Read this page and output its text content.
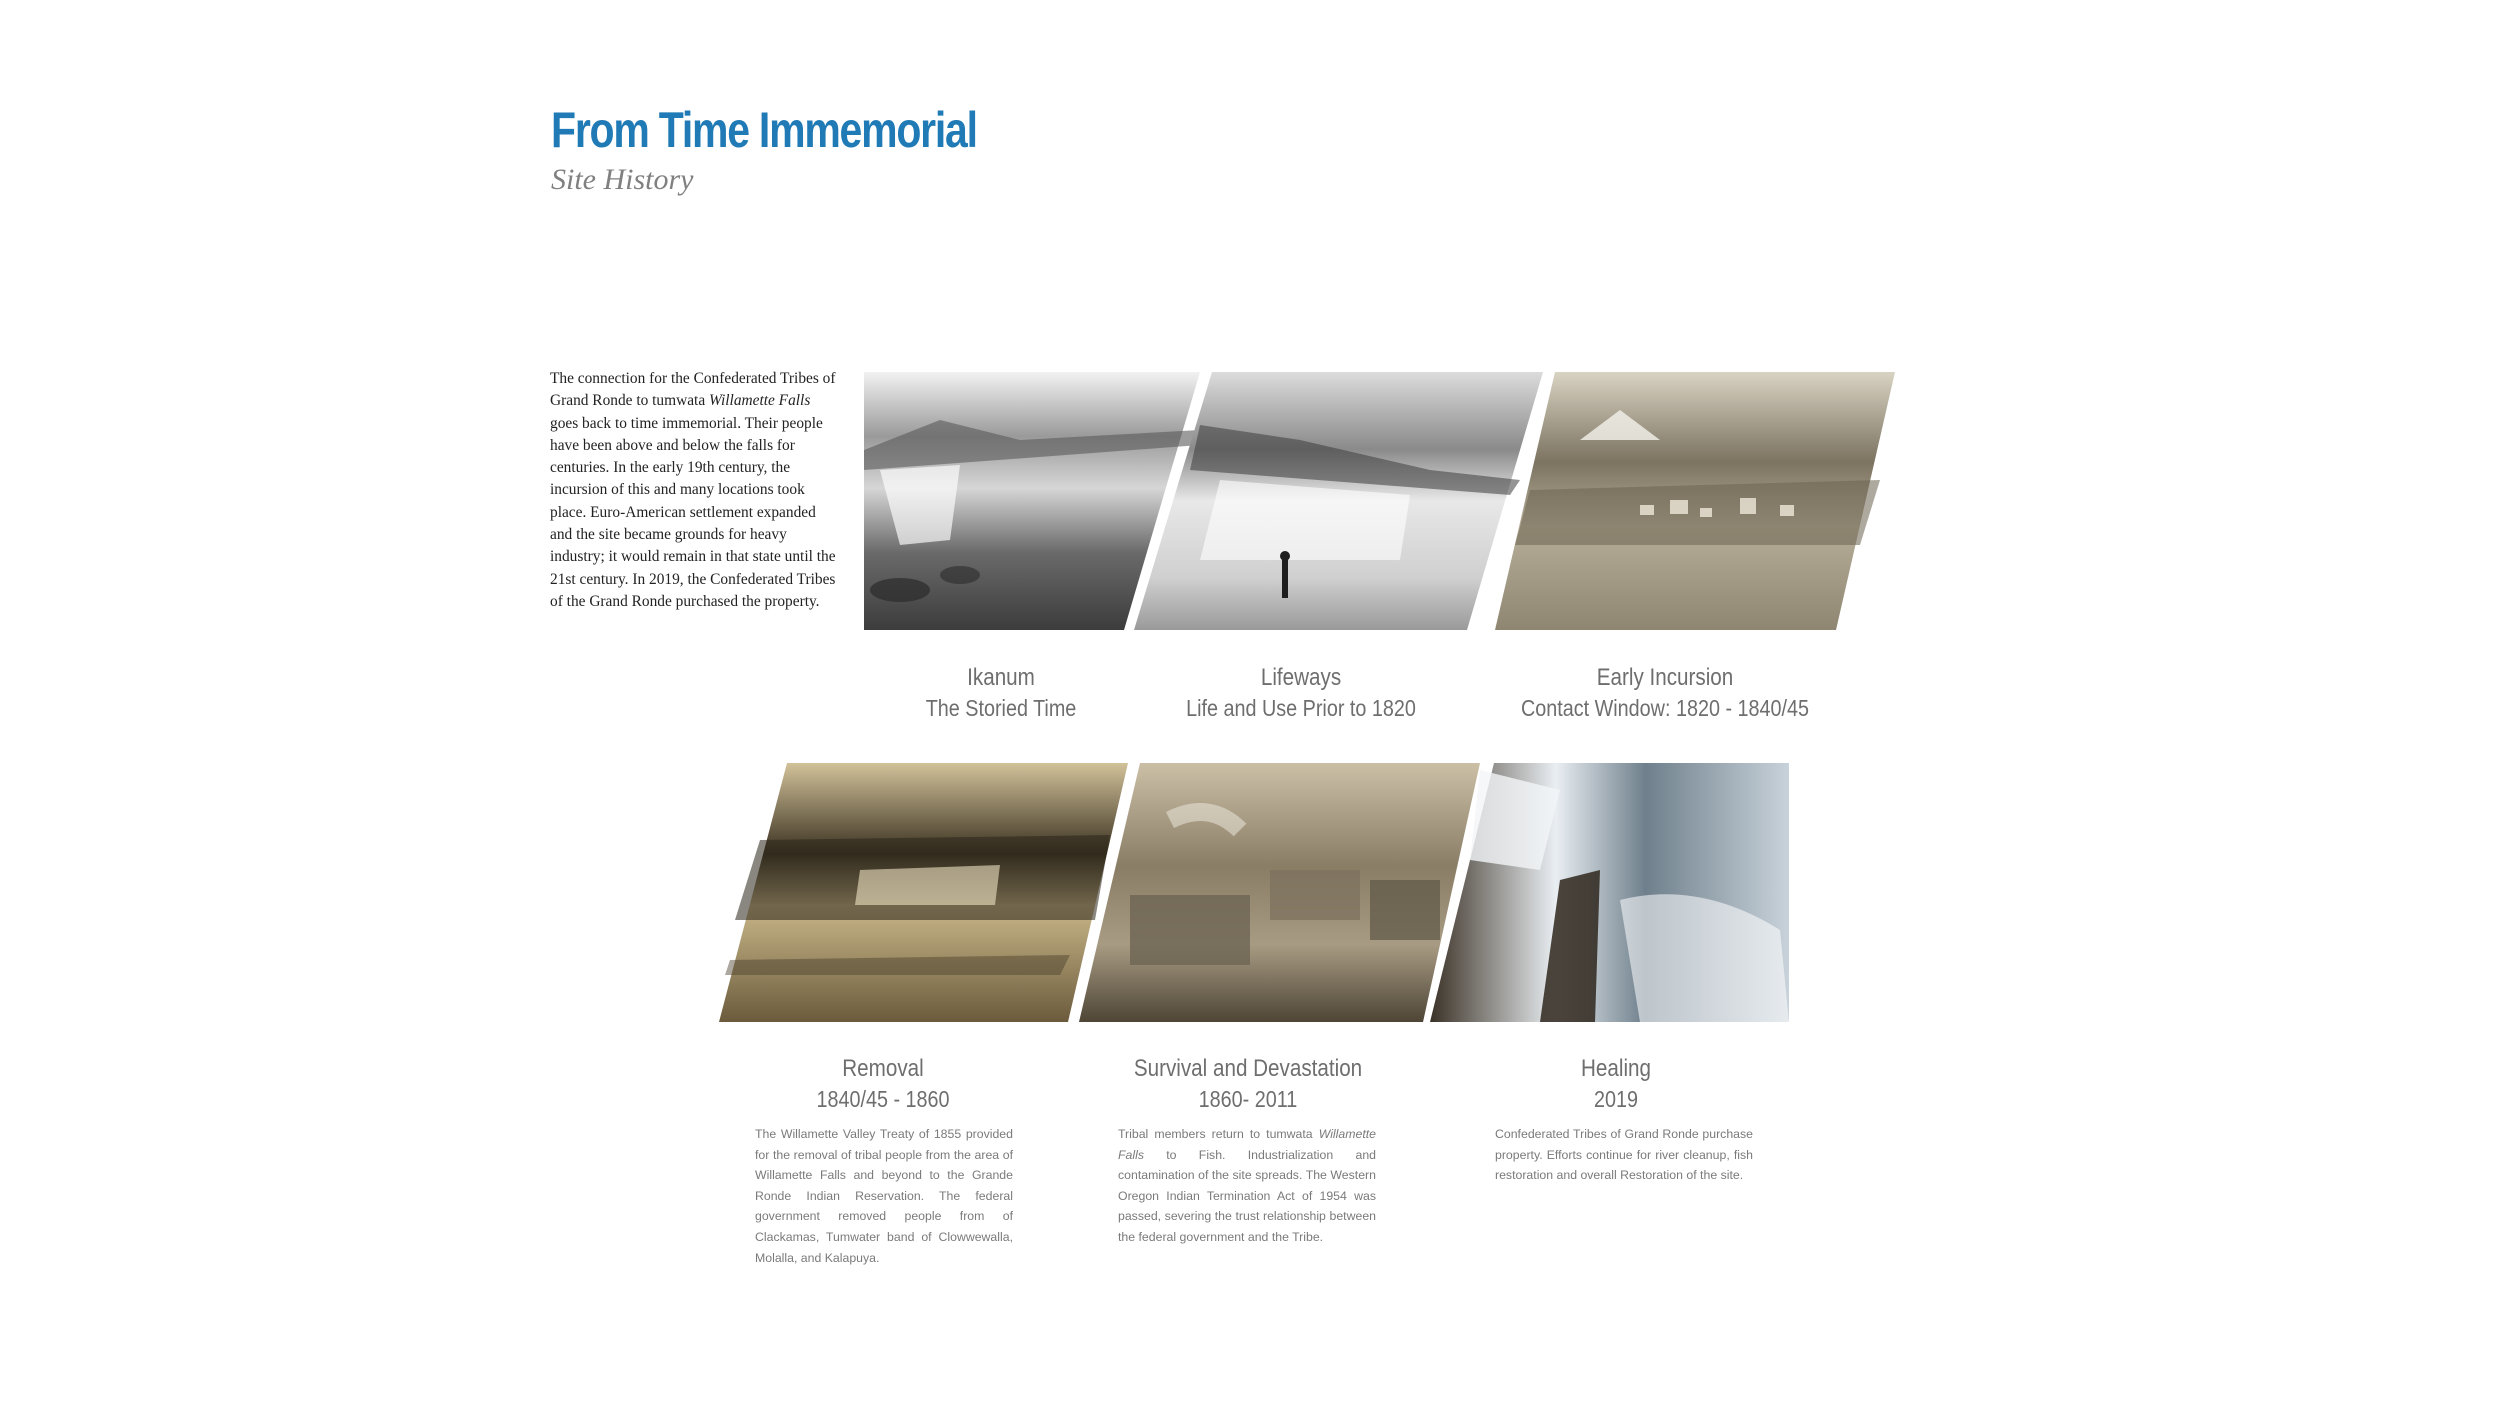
From Time Immemorial
Site History
The connection for the Confederated Tribes of Grand Ronde to tumwata Willamette Falls goes back to time immemorial. Their people have been above and below the falls for centuries. In the early 19th century, the incursion of this and many locations took place. Euro-American settlement expanded and the site became grounds for heavy industry; it would remain in that state until the 21st century. In 2019, the Confederated Tribes of the Grand Ronde purchased the property.
Ikanum
The Storied Time
Lifeways
Life and Use Prior to 1820
Early Incursion
Contact Window: 1820 - 1840/45
Removal
1840/45 - 1860
Survival and Devastation
1860- 2011
Healing
2019
The Willamette Valley Treaty of 1855 provided for the removal of tribal people from the area of Willamette Falls and beyond to the Grande Ronde Indian Reservation. The federal government removed people from of Clackamas, Tumwater band of Clowwewalla, Molalla, and Kalapuya.
Tribal members return to tumwata Willamette Falls to Fish. Industrialization and contamination of the site spreads. The Western Oregon Indian Termination Act of 1954 was passed, severing the trust relationship between the federal government and the Tribe.
Confederated Tribes of Grand Ronde purchase property. Efforts continue for river cleanup, fish restoration and overall Restoration of the site.
